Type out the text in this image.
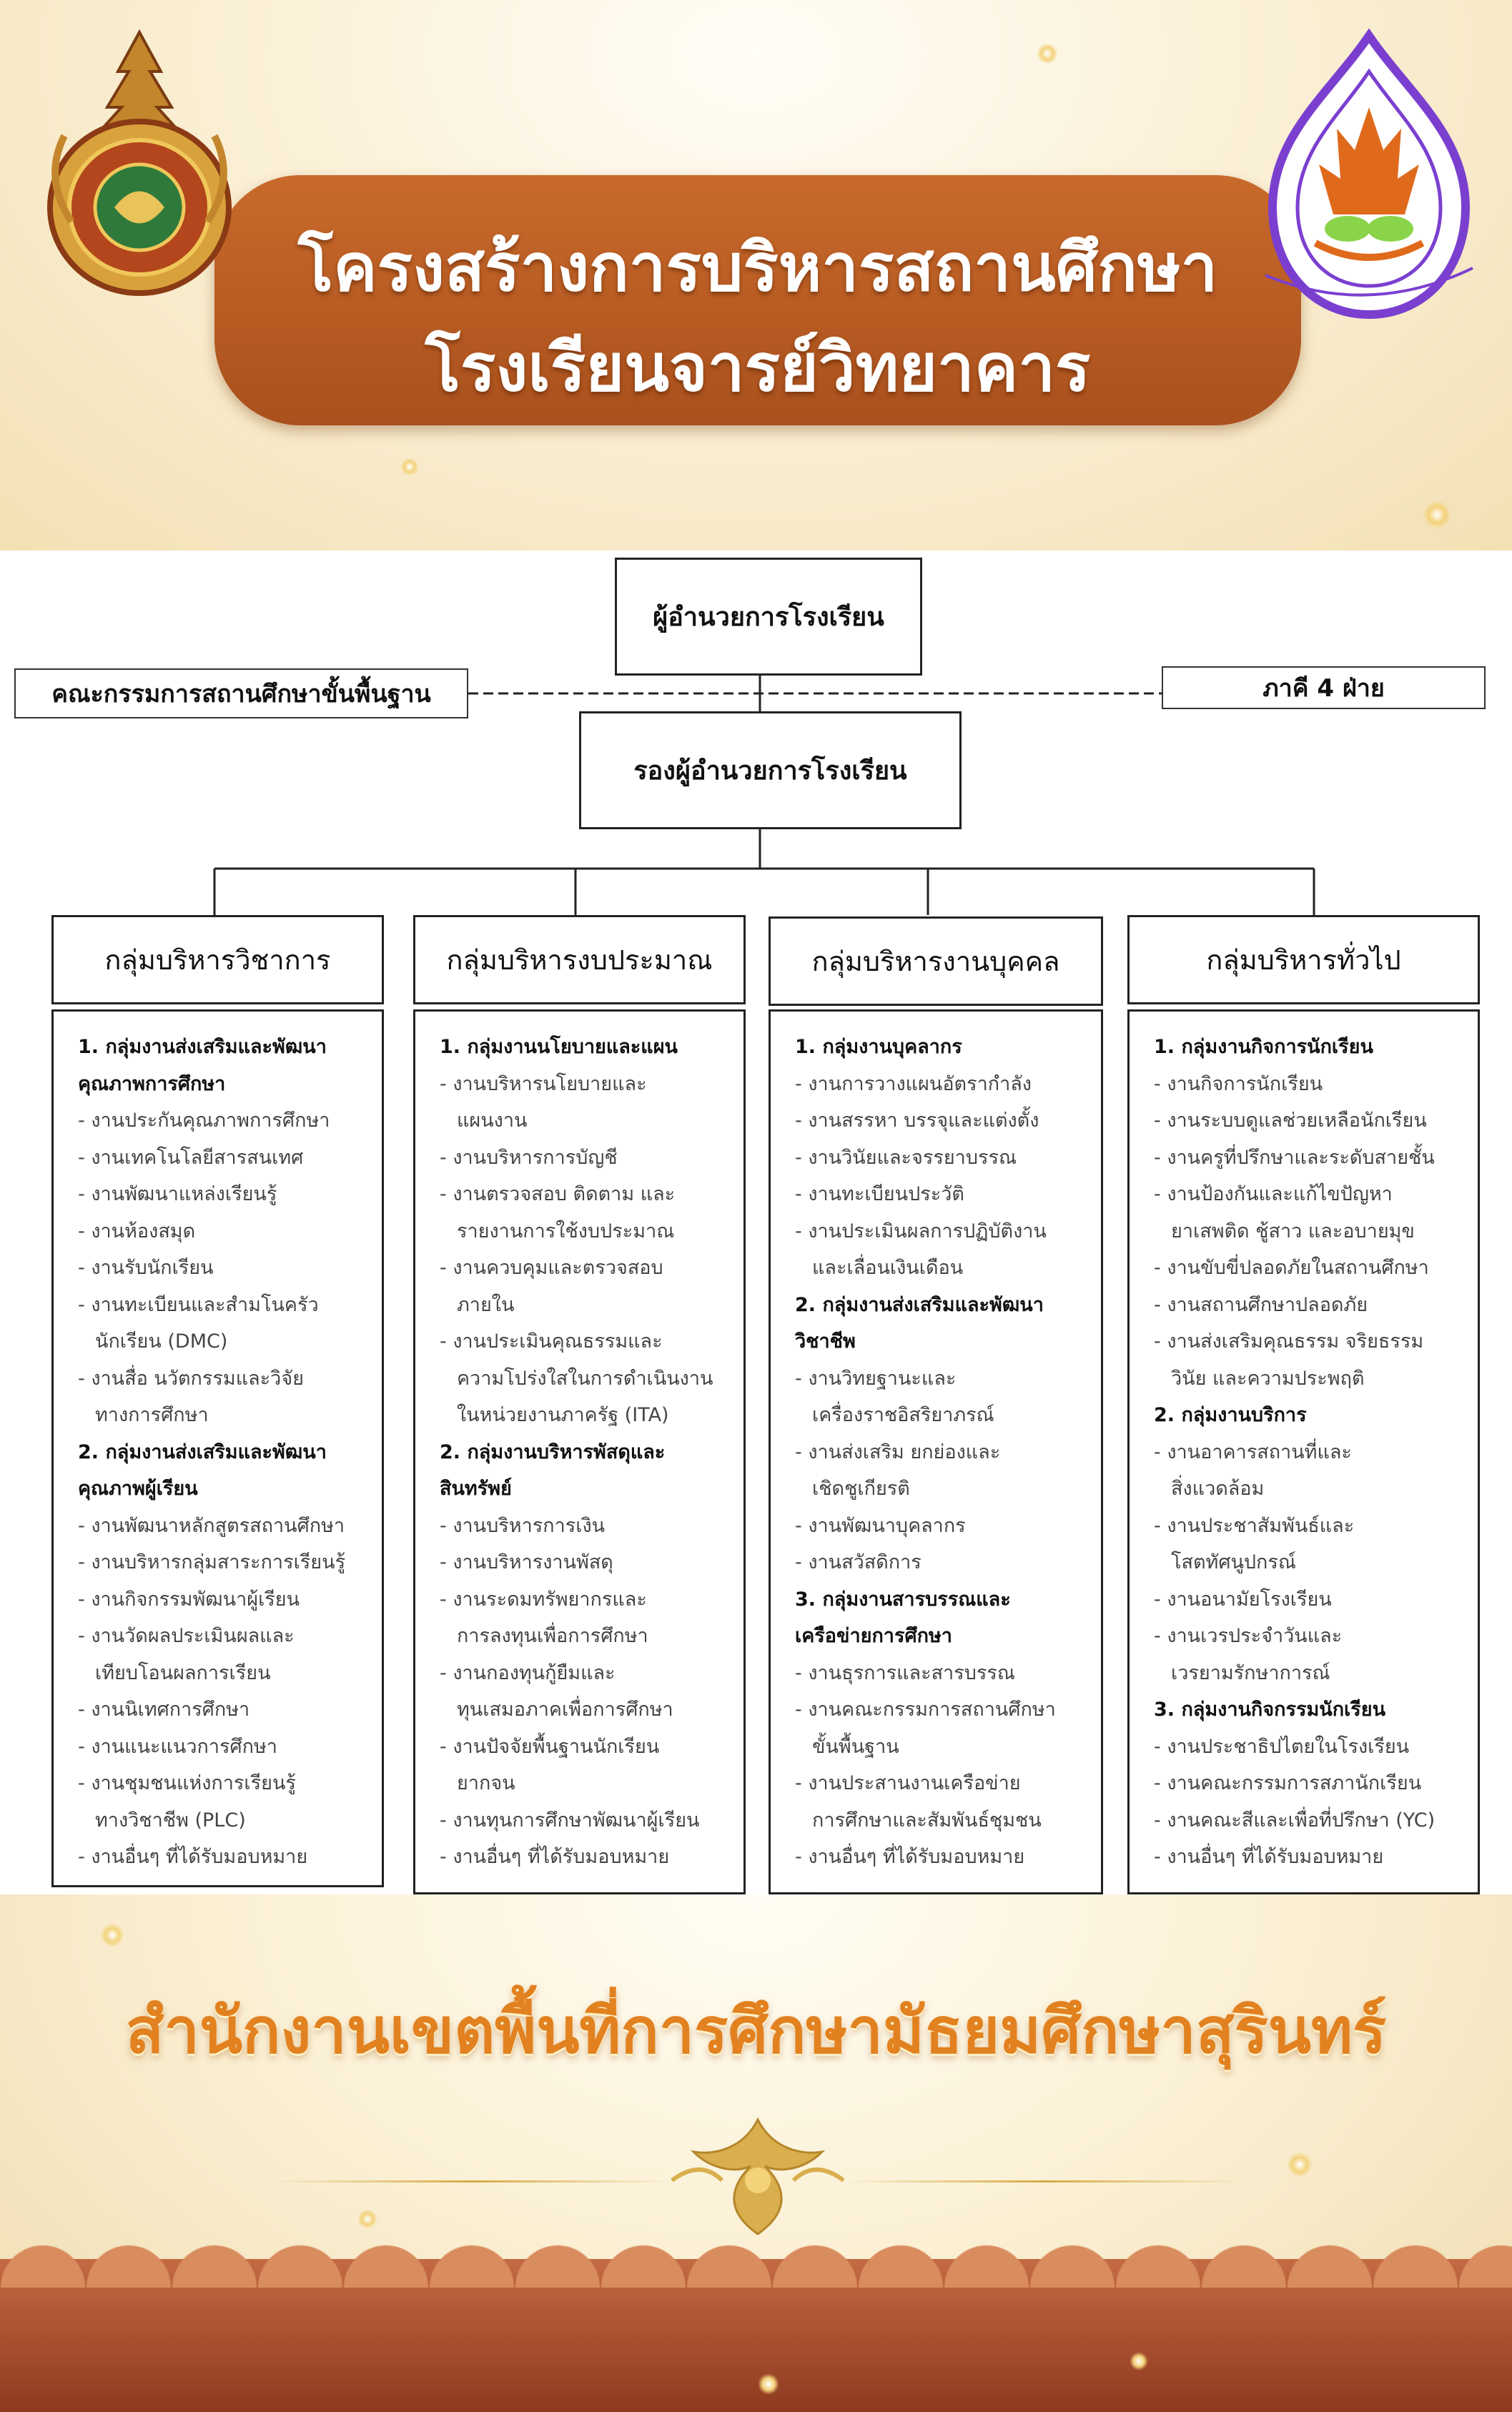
โครงสร้างการบริหารสถานศึกษา
โรงเรียนจารย์วิทยาคาร
ผู้อำนวยการโรงเรียน
คณะกรรมการสถานศึกษาขั้นพื้นฐาน	ภาคี 4 ฝ่าย
รองผู้อำนวยการโรงเรียน
กลุ่มบริหารวิชาการ	กลุ่มบริหารงบประมาณ	กลุ่มบริหารงานบุคคล	กลุ่มบริหารทั่วไป
1. กลุ่มงานส่งเสริมและพัฒนา
คุณภาพการศึกษา
- งานประกันคุณภาพการศึกษา
- งานเทคโนโลยีสารสนเทศ
- งานพัฒนาแหล่งเรียนรู้
- งานห้องสมุด
- งานรับนักเรียน
- งานทะเบียนและสำมโนครัว
นักเรียน (DMC)
- งานสื่อ นวัตกรรมและวิจัย
ทางการศึกษา
2. กลุ่มงานส่งเสริมและพัฒนา
คุณภาพผู้เรียน
- งานพัฒนาหลักสูตรสถานศึกษา
- งานบริหารกลุ่มสาระการเรียนรู้
- งานกิจกรรมพัฒนาผู้เรียน
- งานวัดผลประเมินผลและ
เทียบโอนผลการเรียน
- งานนิเทศการศึกษา
- งานแนะแนวการศึกษา
- งานชุมชนแห่งการเรียนรู้
ทางวิชาชีพ (PLC)
- งานอื่นๆ ที่ได้รับมอบหมาย
1. กลุ่มงานนโยบายและแผน
- งานบริหารนโยบายและ
แผนงาน
- งานบริหารการบัญชี
- งานตรวจสอบ ติดตาม และ
รายงานการใช้งบประมาณ
- งานควบคุมและตรวจสอบ
ภายใน
- งานประเมินคุณธรรมและ
ความโปร่งใสในการดำเนินงาน
ในหน่วยงานภาครัฐ (ITA)
2. กลุ่มงานบริหารพัสดุและ
สินทรัพย์
- งานบริหารการเงิน
- งานบริหารงานพัสดุ
- งานระดมทรัพยากรและ
การลงทุนเพื่อการศึกษา
- งานกองทุนกู้ยืมและ
ทุนเสมอภาคเพื่อการศึกษา
- งานปัจจัยพื้นฐานนักเรียน
ยากจน
- งานทุนการศึกษาพัฒนาผู้เรียน
- งานอื่นๆ ที่ได้รับมอบหมาย
1. กลุ่มงานบุคลากร
- งานการวางแผนอัตรากำลัง
- งานสรรหา บรรจุและแต่งตั้ง
- งานวินัยและจรรยาบรรณ
- งานทะเบียนประวัติ
- งานประเมินผลการปฏิบัติงาน
และเลื่อนเงินเดือน
2. กลุ่มงานส่งเสริมและพัฒนา
วิชาชีพ
- งานวิทยฐานะและ
เครื่องราชอิสริยาภรณ์
- งานส่งเสริม ยกย่องและ
เชิดชูเกียรติ
- งานพัฒนาบุคลากร
- งานสวัสดิการ
3. กลุ่มงานสารบรรณและ
เครือข่ายการศึกษา
- งานธุรการและสารบรรณ
- งานคณะกรรมการสถานศึกษา
ขั้นพื้นฐาน
- งานประสานงานเครือข่าย
การศึกษาและสัมพันธ์ชุมชน
- งานอื่นๆ ที่ได้รับมอบหมาย
1. กลุ่มงานกิจการนักเรียน
- งานกิจการนักเรียน
- งานระบบดูแลช่วยเหลือนักเรียน
- งานครูที่ปรึกษาและระดับสายชั้น
- งานป้องกันและแก้ไขปัญหา
ยาเสพติด ชู้สาว และอบายมุข
- งานขับขี่ปลอดภัยในสถานศึกษา
- งานสถานศึกษาปลอดภัย
- งานส่งเสริมคุณธรรม จริยธรรม
วินัย และความประพฤติ
2. กลุ่มงานบริการ
- งานอาคารสถานที่และ
สิ่งแวดล้อม
- งานประชาสัมพันธ์และ
โสตทัศนูปกรณ์
- งานอนามัยโรงเรียน
- งานเวรประจำวันและ
เวรยามรักษาการณ์
3. กลุ่มงานกิจกรรมนักเรียน
- งานประชาธิปไตยในโรงเรียน
- งานคณะกรรมการสภานักเรียน
- งานคณะสีและเพื่อที่ปรึกษา (YC)
- งานอื่นๆ ที่ได้รับมอบหมาย
สำนักงานเขตพื้นที่การศึกษามัธยมศึกษาสุรินทร์
